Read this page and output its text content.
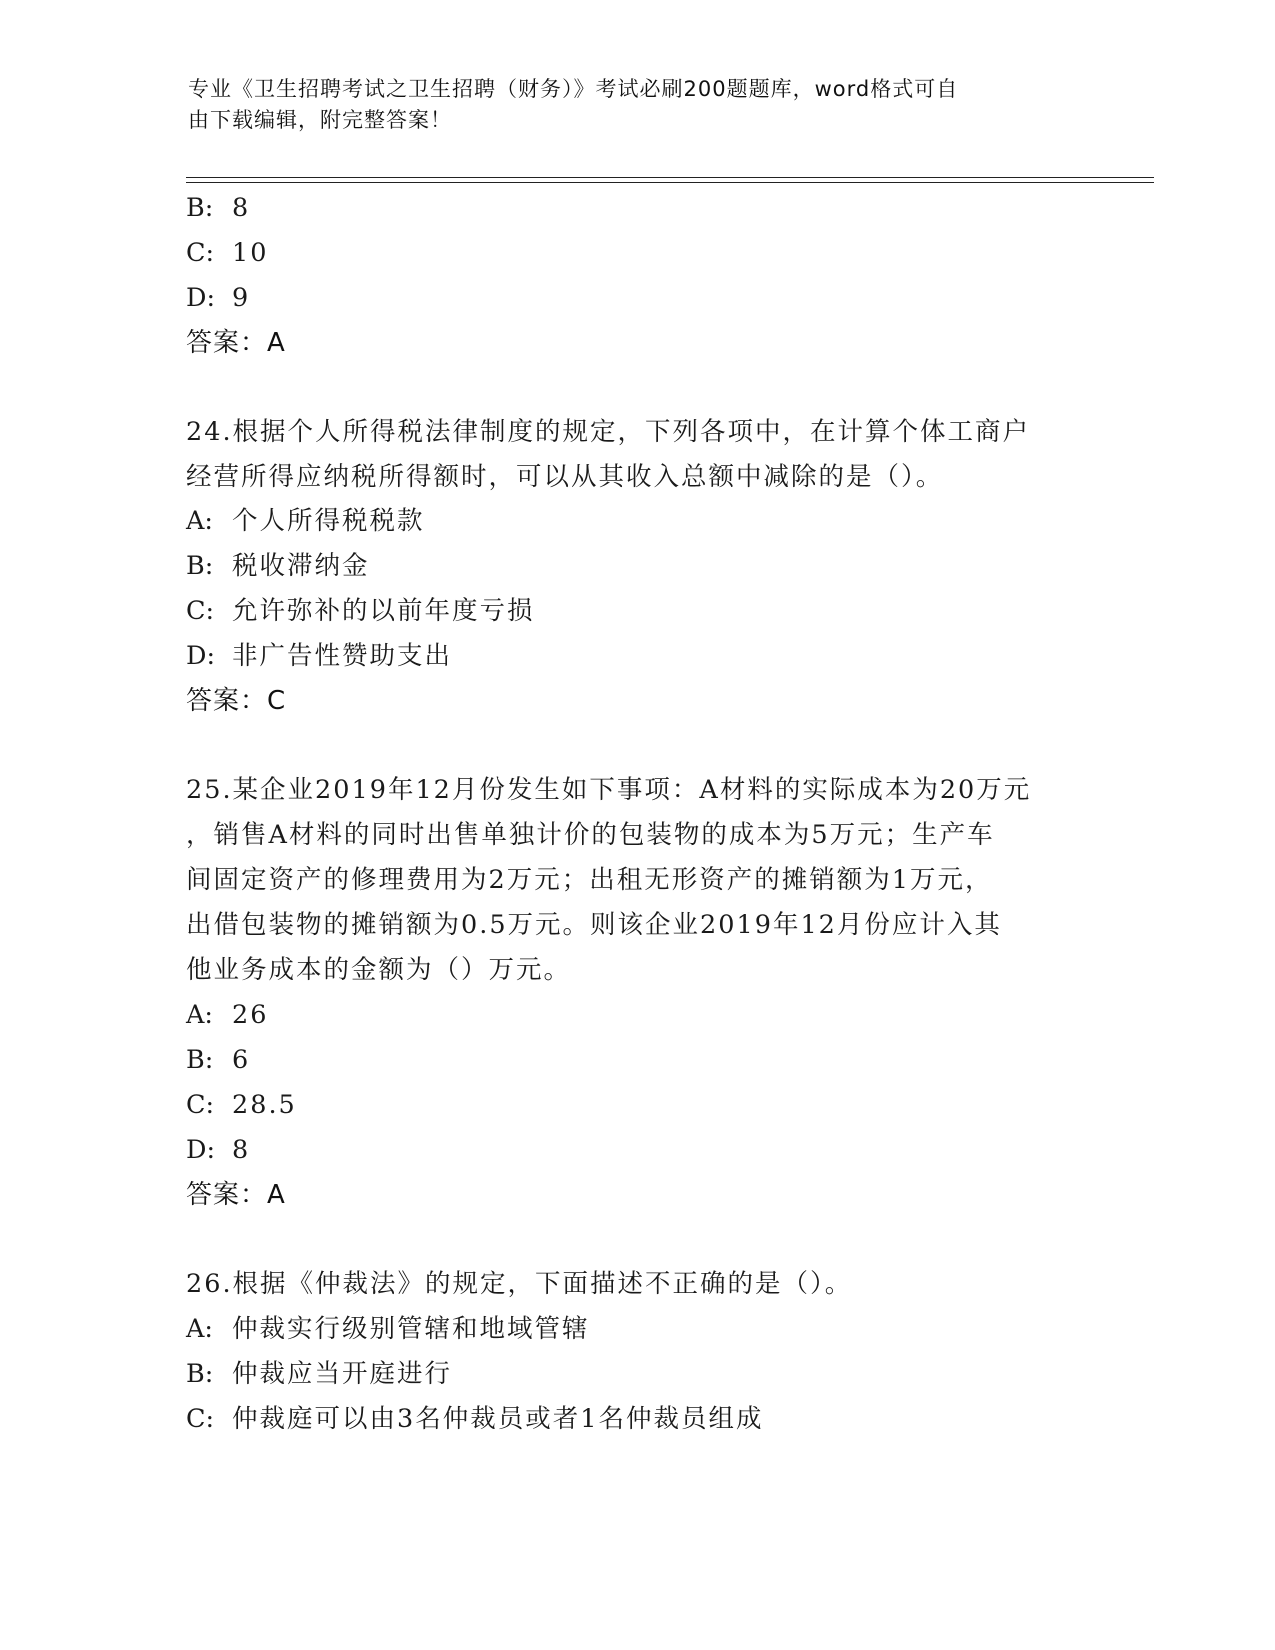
专业《卫生招聘考试之卫生招聘（财务）》考试必刷200题题库，word格式可自
由下载编辑，附完整答案！
B: 8
C: 10
D: 9
答案：A
24.根据个人所得税法律制度的规定，下列各项中，在计算个体工商户
经营所得应纳税所得额时，可以从其收入总额中减除的是（）。
A: 个人所得税税款
B: 税收滞纳金
C: 允许弥补的以前年度亏损
D: 非广告性赞助支出
答案：C
25.某企业2019年12月份发生如下事项：A材料的实际成本为20万元
，销售A材料的同时出售单独计价的包装物的成本为5万元；生产车
间固定资产的修理费用为2万元；出租无形资产的摊销额为1万元，
出借包装物的摊销额为0.5万元。则该企业2019年12月份应计入其
他业务成本的金额为（）万元。
A: 26
B: 6
C: 28.5
D: 8
答案：A
26.根据《仲裁法》的规定，下面描述不正确的是（）。
A: 仲裁实行级别管辖和地域管辖
B: 仲裁应当开庭进行
C: 仲裁庭可以由3名仲裁员或者1名仲裁员组成
